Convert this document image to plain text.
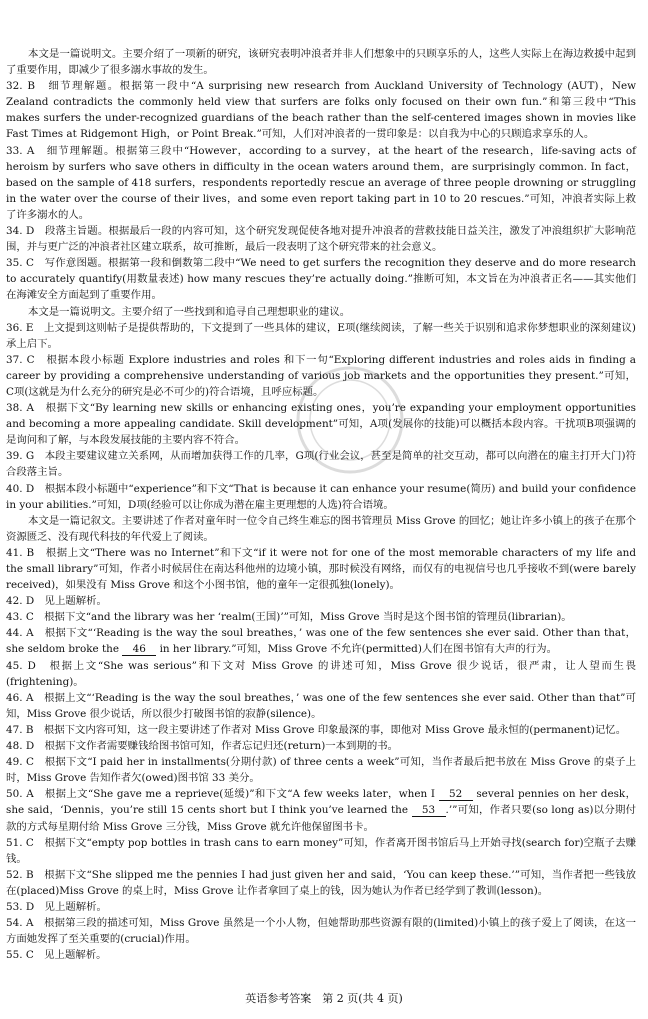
本文是一篇说明文。主要介绍了一项新的研究，该研究表明冲浪者并非人们想象中的只顾享乐的人，这些人实际上在海边救援中起到了重要作用，即减少了很多溺水事故的发生。

32. B　细节理解题。根据第一段中“A surprising new research from Auckland University of Technology (AUT)，New Zealand contradicts the commonly held view that surfers are folks only focused on their own fun.”和第三段中“This makes surfers the under-recognized guardians of the beach rather than the self-centered images shown in movies like Fast Times at Ridgemont High，or Point Break.”可知，人们对冲浪者的一贯印象是：以自我为中心的只顾追求享乐的人。

33. A　细节理解题。根据第三段中“However，according to a survey，at the heart of the research，life-saving acts of heroism by surfers who save others in difficulty in the ocean waters around them，are surprisingly common. In fact，based on the sample of 418 surfers，respondents reportedly rescue an average of three people drowning or struggling in the water over the course of their lives，and some even report taking part in 10 to 20 rescues.”可知，冲浪者实际上救了许多溺水的人。

34. D　段落主旨题。根据最后一段的内容可知，这个研究发现促使各地对提升冲浪者的营救技能日益关注，激发了冲浪组织扩大影响范围，并与更广泛的冲浪者社区建立联系，故可推断，最后一段表明了这个研究带来的社会意义。

35. C　写作意图题。根据第一段和倒数第二段中“We need to get surfers the recognition they deserve and do more research to accurately quantify(用数量表述) how many rescues they’re actually doing.”推断可知，本文旨在为冲浪者正名——其实他们在海滩安全方面起到了重要作用。

本文是一篇说明文。主要介绍了一些找到和追寻自己理想职业的建议。

36. E　上文提到这则帖子是提供帮助的，下文提到了一些具体的建议，E项(继续阅读，了解一些关于识别和追求你梦想职业的深刻建议)承上启下。

37. C　根据本段小标题 Explore industries and roles 和下一句“Exploring different industries and roles aids in finding a career by providing a comprehensive understanding of various job markets and the opportunities they present.”可知，C项(这就是为什么充分的研究是必不可少的)符合语境，且呼应标题。

38. A　根据下文“By learning new skills or enhancing existing ones，you’re expanding your employment opportunities and becoming a more appealing candidate. Skill development”可知，A项(发展你的技能)可以概括本段内容。干扰项B项强调的是询问和了解，与本段发展技能的主要内容不符合。

39. G　本段主要建议建立关系网，从而增加获得工作的几率，G项(行业会议，甚至是简单的社交互动，都可以向潜在的雇主打开大门)符合段落主旨。

40. D　根据本段小标题中“experience”和下文“That is because it can enhance your resume(简历) and build your confidence in your abilities.”可知，D项(经验可以让你成为潜在雇主更理想的人选)符合语境。

本文是一篇记叙文。主要讲述了作者对童年时一位令自己终生难忘的图书管理员 Miss Grove 的回忆；她让许多小镇上的孩子在那个资源匮乏、没有现代科技的年代爱上了阅读。

41. B　根据上文“There was no Internet”和下文“if it were not for one of the most memorable characters of my life and the small library”可知，作者小时候居住在南达科他州的边境小镇，那时候没有网络，而仅有的电视信号也几乎接收不到(were barely received)，如果没有 Miss Grove 和这个小图书馆，他的童年一定很孤独(lonely)。

42. D　见上题解析。

43. C　根据下文“and the library was her ‘realm(王国)’”可知，Miss Grove 当时是这个图书馆的管理员(librarian)。

44. A　根据下文“‘Reading is the way the soul breathes，’ was one of the few sentences she ever said. Other than that，she seldom broke the 46 in her library.”可知，Miss Grove 不允许(permitted)人们在图书馆有大声的行为。

45. D　根据上文“She was serious”和下文对 Miss Grove 的讲述可知，Miss Grove 很少说话，很严肃，让人望而生畏(frightening)。

46. A　根据上文“‘Reading is the way the soul breathes，’ was one of the few sentences she ever said. Other than that”可知，Miss Grove 很少说话，所以很少打破图书馆的寂静(silence)。

47. B　根据下文内容可知，这一段主要讲述了作者对 Miss Grove 印象最深的事，即他对 Miss Grove 最永恒的(permanent)记忆。

48. D　根据下文作者需要赚钱给图书馆可知，作者忘记归还(return)一本到期的书。

49. C　根据下文“I paid her in installments(分期付款) of three cents a week”可知，当作者最后把书放在 Miss Grove 的桌子上时，Miss Grove 告知作者欠(owed)图书馆 33 美分。

50. A　根据上文“She gave me a reprieve(延缓)”和下文“A few weeks later，when I 52 several pennies on her desk，she said，‘Dennis，you’re still 15 cents short but I think you’ve learned the 53 .’”可知，作者只要(so long as)以分期付款的方式每星期付给 Miss Grove 三分钱，Miss Grove 就允许他保留图书卡。

51. C　根据下文“empty pop bottles in trash cans to earn money”可知，作者离开图书馆后马上开始寻找(search for)空瓶子去赚钱。

52. B　根据下文“She slipped me the pennies I had just given her and said，‘You can keep these.’”可知，当作者把一些钱放在(placed)Miss Grove 的桌上时，Miss Grove 让作者拿回了桌上的钱，因为她认为作者已经学到了教训(lesson)。

53. D　见上题解析。

54. A　根据第三段的描述可知，Miss Grove 虽然是一个小人物，但她帮助那些资源有限的(limited)小镇上的孩子爱上了阅读，在这一方面她发挥了至关重要的(crucial)作用。

55. C　见上题解析。

英语参考答案　第 2 页(共 4 页)
